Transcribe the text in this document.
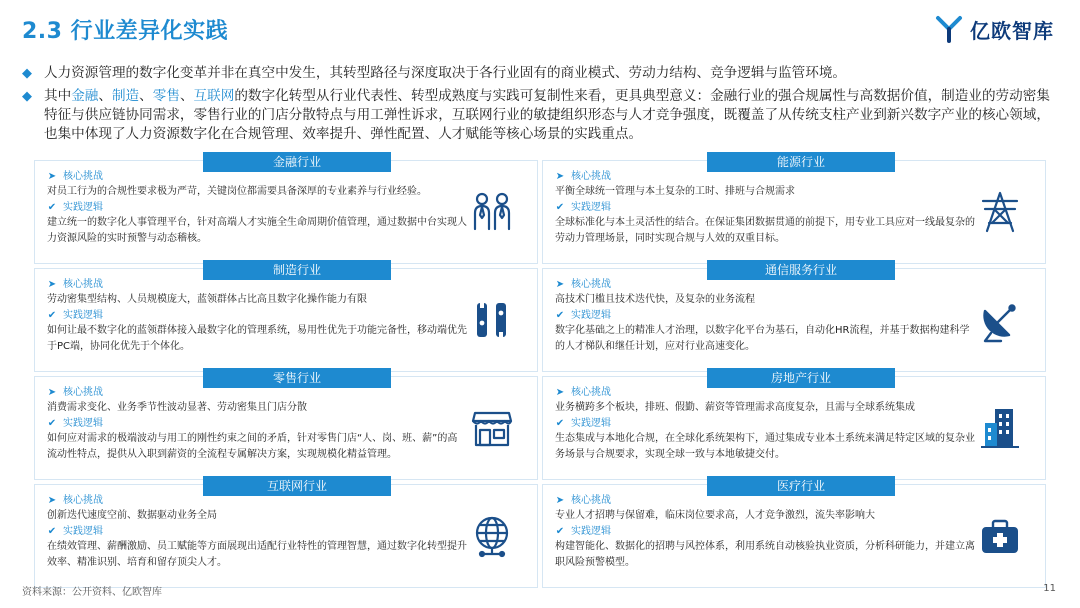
2.3 行业差异化实践	亿欧智库
◆ 人力资源管理的数字化变革并非在真空中发生，其转型路径与深度取决于各行业固有的商业模式、劳动力结构、竞争逻辑与监管环境。
◆ 其中金融、制造、零售、互联网的数字化转型从行业代表性、转型成熟度与实践可复制性来看，更具典型意义：金融行业的强合规属性与高数据价值，制造业的劳动密集特征与供应链协同需求，零售行业的门店分散特点与用工弹性诉求，互联网行业的敏捷组织形态与人才竞争强度，既覆盖了从传统支柱产业到新兴数字产业的核心领域，也集中体现了人力资源数字化在合规管理、效率提升、弹性配置、人才赋能等核心场景的实践重点。
金融行业
➤ 核心挑战
对员工行为的合规性要求极为严苛，关键岗位都需要具备深厚的专业素养与行业经验。
✔ 实践逻辑
建立统一的数字化人事管理平台，针对高端人才实施全生命周期价值管理，通过数据中台实现人力资源风险的实时预警与动态稽核。
能源行业
➤ 核心挑战
平衡全球统一管理与本土复杂的工时、排班与合规需求
✔ 实践逻辑
全球标准化与本土灵活性的结合。在保证集团数据贯通的前提下，用专业工具应对一线最复杂的劳动力管理场景，同时实现合规与人效的双重目标。
制造行业
➤ 核心挑战
劳动密集型结构、人员规模庞大，蓝领群体占比高且数字化操作能力有限
✔ 实践逻辑
如何让最不数字化的蓝领群体接入最数字化的管理系统，易用性优先于功能完备性，移动端优先于PC端，协同化优先于个体化。
通信服务行业
➤ 核心挑战
高技术门槛且技术迭代快，及复杂的业务流程
✔ 实践逻辑
数字化基础之上的精准人才治理，以数字化平台为基石，自动化HR流程，并基于数据构建科学的人才梯队和继任计划，应对行业高速变化。
零售行业
➤ 核心挑战
消费需求变化、业务季节性波动显著、劳动密集且门店分散
✔ 实践逻辑
如何应对需求的极端波动与用工的刚性约束之间的矛盾，针对零售门店“人、岗、班、薪”的高流动性特点，提供从入职到薪资的全流程专属解决方案，实现规模化精益管理。
房地产行业
➤ 核心挑战
业务横跨多个板块，排班、假勤、薪资等管理需求高度复杂，且需与全球系统集成
✔ 实践逻辑
生态集成与本地化合规，在全球化系统架构下，通过集成专业本土系统来满足特定区域的复杂业务场景与合规要求，实现全球一致与本地敏捷交付。
互联网行业
➤ 核心挑战
创新迭代速度空前、数据驱动业务全局
✔ 实践逻辑
在绩效管理、薪酬激励、员工赋能等方面展现出适配行业特性的管理智慧，通过数字化转型提升效率、精准识别、培育和留存顶尖人才。
医疗行业
➤ 核心挑战
专业人才招聘与保留难，临床岗位要求高，人才竞争激烈，流失率影响大
✔ 实践逻辑
构建智能化、数据化的招聘与风控体系，利用系统自动核验执业资质，分析科研能力，并建立离职风险预警模型。
资料来源：公开资料、亿欧智库	11
